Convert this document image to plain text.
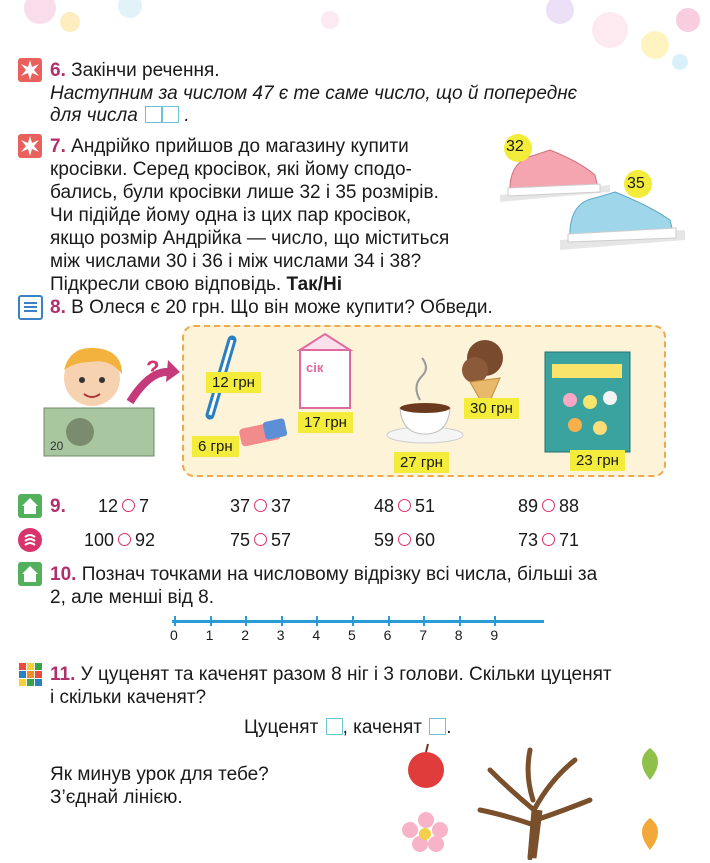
6. Закінчи речення.
Наступним за числом 47 є те саме число, що й попереднє
для числа .
7. Андрійко прийшов до магазину купити
кросівки. Серед кросівок, які йому сподо-
бались, були кросівки лише 32 і 35 розмірів.
Чи підійде йому одна із цих пар кросівок,
якщо розмір Андрійка — число, що міститься
між числами 30 і 36 і між числами 34 і 38?
Підкресли свою відповідь. Так/Ні
32
35
8. В Олеся є 20 грн. Що він може купити? Обведи.
20
?	сік
12 грн
6 грн
17 грн
27 грн
30 грн
23 грн
9. 12 7	37 37	48 51	89 88
100 92	75 57	59 60	73 71
10. Познач точками на числовому відрізку всі числа, більші за
2, але менші від 8.
0 1 2 3 4 5 6 7 8 9
11. У цуценят та каченят разом 8 ніг і 3 голови. Скільки цуценят
і скільки каченят?
Цуценят , каченят .
Як минув урок для тебе?
З’єднай лінією.
